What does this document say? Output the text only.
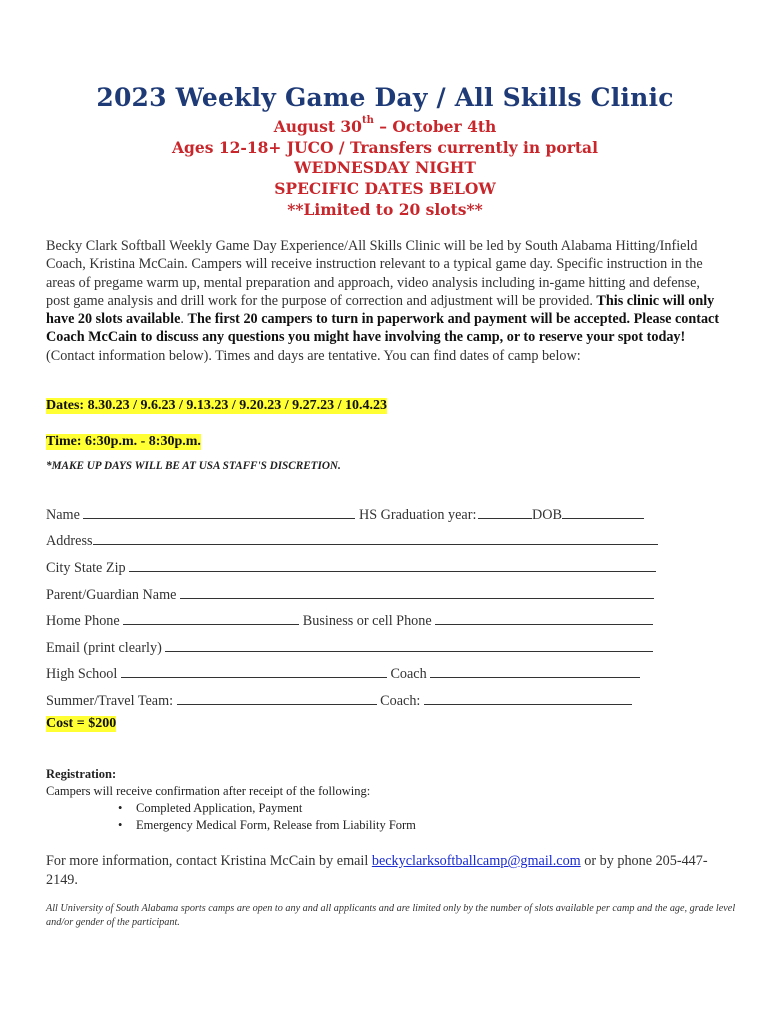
2023 Weekly Game Day / All Skills Clinic
August 30th – October 4th
Ages 12-18+ JUCO / Transfers currently in portal
WEDNESDAY NIGHT
SPECIFIC DATES BELOW
**Limited to 20 slots**
Becky Clark Softball Weekly Game Day Experience/All Skills Clinic will be led by South Alabama Hitting/Infield Coach, Kristina McCain. Campers will receive instruction relevant to a typical game day. Specific instruction in the areas of pregame warm up, mental preparation and approach, video analysis including in-game hitting and defense, post game analysis and drill work for the purpose of correction and adjustment will be provided. This clinic will only have 20 slots available. The first 20 campers to turn in paperwork and payment will be accepted. Please contact Coach McCain to discuss any questions you might have involving the camp, or to reserve your spot today! (Contact information below). Times and days are tentative. You can find dates of camp below:
Dates: 8.30.23 / 9.6.23 / 9.13.23 / 9.20.23 / 9.27.23 / 10.4.23
Time: 6:30p.m. - 8:30p.m.
*MAKE UP DAYS WILL BE AT USA STAFF'S DISCRETION.
Name	HS Graduation year:	DOB
Address
City State Zip
Parent/Guardian Name
Home Phone	Business or cell Phone
Email (print clearly)
High School	Coach
Summer/Travel Team:	Coach:
Cost = $200
Registration:
Campers will receive confirmation after receipt of the following:
• Completed Application, Payment
• Emergency Medical Form, Release from Liability Form
For more information, contact Kristina McCain by email beckyclarksoftballcamp@gmail.com or by phone 205-447-2149.
All University of South Alabama sports camps are open to any and all applicants and are limited only by the number of slots available per camp and the age, grade level and/or gender of the participant.
